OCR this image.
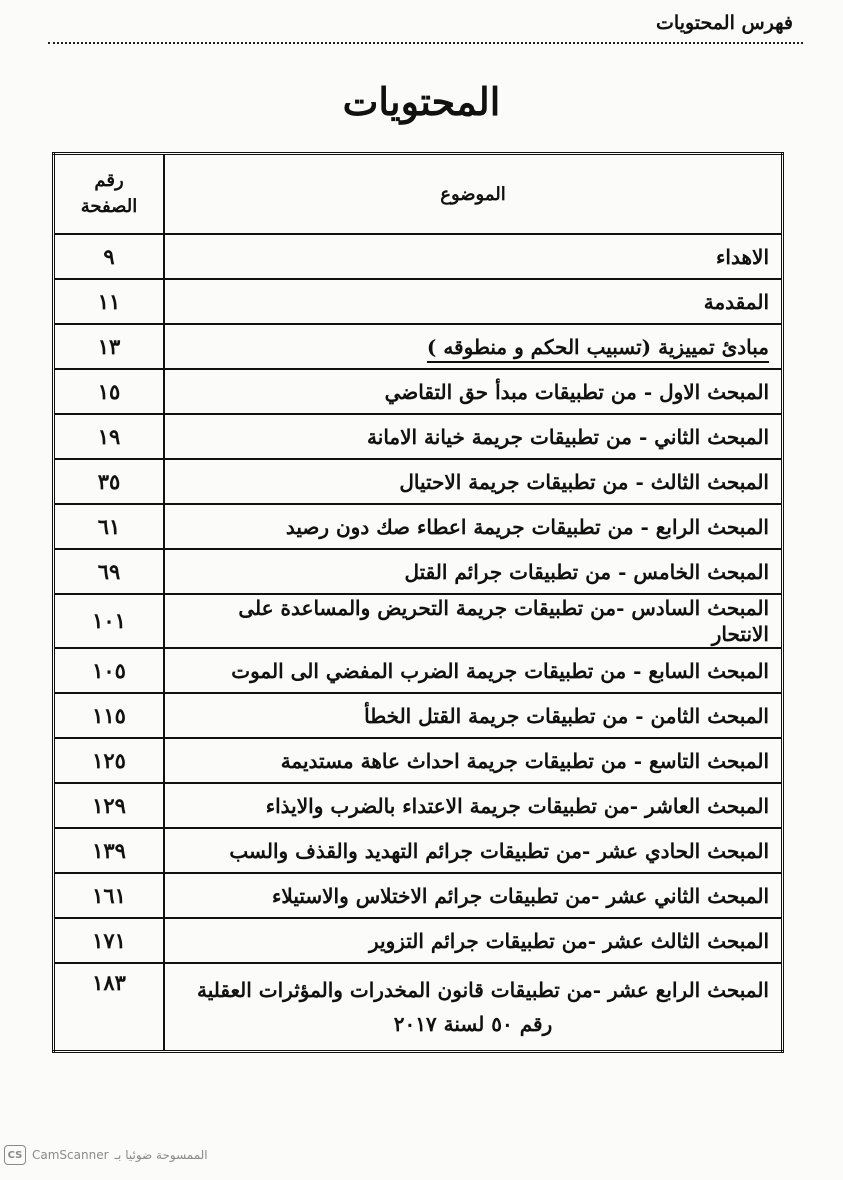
فهرس المحتويات
المحتويات
الموضوع	رقم
الصفحة

الاهداء	٩
المقدمة	١١
مبادئ تمييزية (تسبيب الحكم و منطوقه )	١٣
المبحث الاول - من تطبيقات مبدأ حق التقاضي	١٥
المبحث الثاني - من تطبيقات جريمة خيانة الامانة	١٩
المبحث الثالث - من تطبيقات جريمة الاحتيال	٣٥
المبحث الرابع - من تطبيقات جريمة اعطاء صك دون رصيد	٦١
المبحث الخامس - من تطبيقات جرائم القتل	٦٩
المبحث السادس -من تطبيقات جريمة التحريض والمساعدة على الانتحار	١٠١
المبحث السابع - من تطبيقات جريمة الضرب المفضي الى الموت	١٠٥
المبحث الثامن - من تطبيقات جريمة القتل الخطأ	١١٥
المبحث التاسع - من تطبيقات جريمة احداث عاهة مستديمة	١٢٥
المبحث العاشر -من تطبيقات جريمة الاعتداء بالضرب والايذاء	١٢٩
المبحث الحادي عشر -من تطبيقات جرائم التهديد والقذف والسب	١٣٩
المبحث الثاني عشر -من تطبيقات جرائم الاختلاس والاستيلاء	١٦١
المبحث الثالث عشر -من تطبيقات جرائم التزوير	١٧١

المبحث الرابع عشر -من تطبيقات قانون المخدرات والمؤثرات العقلية
رقم ٥٠ لسنة ٢٠١٧	١٨٣
CS CamScanner الممسوحة ضوئيا بـ
